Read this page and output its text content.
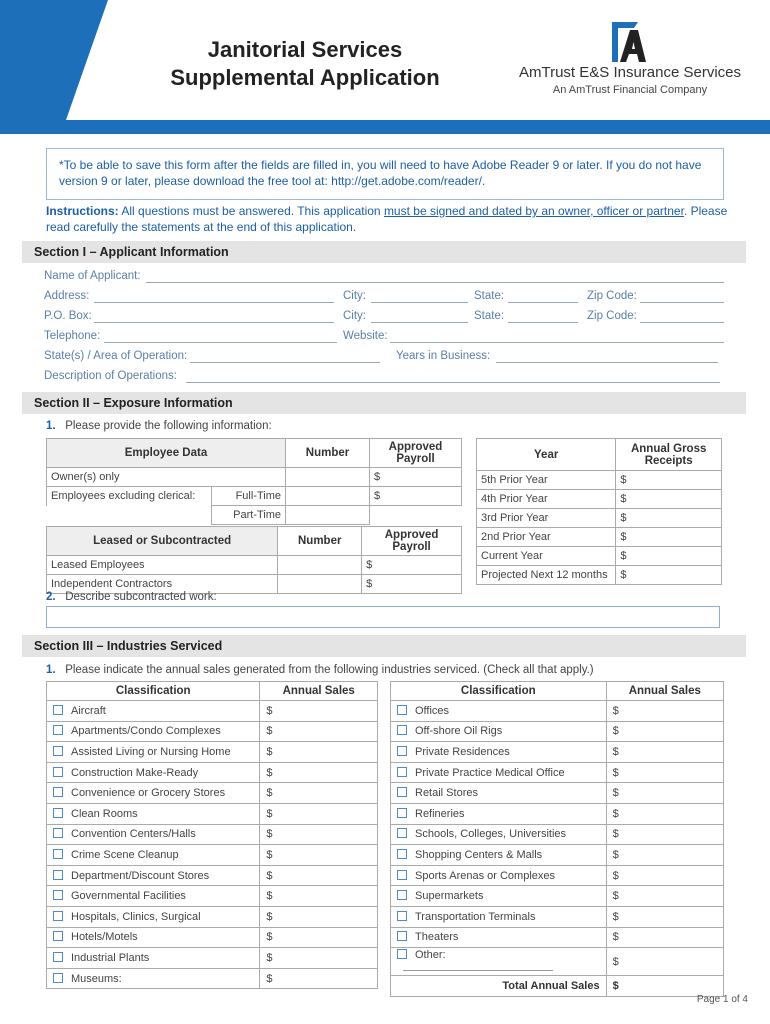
Janitorial Services
Supplemental Application	AmTrust E&S Insurance Services
An AmTrust Financial Company
*To be able to save this form after the fields are filled in, you will need to have Adobe Reader 9 or later. If you do not have version 9 or later, please download the free tool at: http://get.adobe.com/reader/.
Instructions: All questions must be answered. This application must be signed and dated by an owner, officer or partner. Please read carefully the statements at the end of this application.
Section I – Applicant Information
Name of Applicant:
Address:	City:	State:	Zip Code:
P.O. Box:	City:	State:	Zip Code:
Telephone:	Website:
State(s) / Area of Operation:	Years in Business:
Description of Operations:
Section II – Exposure Information
1. Please provide the following information:
Employee Data		Number	Approved Payroll
Owner(s) only			$
Employees excluding clerical:	Full-Time		$
	Part-Time		
Leased or Subcontracted	Number	Approved Payroll
Leased Employees		$
Independent Contractors		$
Year	Annual Gross Receipts
5th Prior Year	$
4th Prior Year	$
3rd Prior Year	$
2nd Prior Year	$
Current Year	$
Projected Next 12 months	$
2. Describe subcontracted work:
Section III – Industries Serviced
1. Please indicate the annual sales generated from the following industries serviced. (Check all that apply.)
Classification	Annual Sales
Aircraft	$
Apartments/Condo Complexes	$
Assisted Living or Nursing Home	$
Construction Make-Ready	$
Convenience or Grocery Stores	$
Clean Rooms	$
Convention Centers/Halls	$
Crime Scene Cleanup	$
Department/Discount Stores	$
Governmental Facilities	$
Hospitals, Clinics, Surgical	$
Hotels/Motels	$
Industrial Plants	$
Museums:	$
Classification	Annual Sales
Offices	$
Off-shore Oil Rigs	$
Private Residences	$
Private Practice Medical Office	$
Retail Stores	$
Refineries	$
Schools, Colleges, Universities	$
Shopping Centers & Malls	$
Sports Arenas or Complexes	$
Supermarkets	$
Transportation Terminals	$
Theaters	$
Other:	$
Total Annual Sales	$
Page 1 of 4
